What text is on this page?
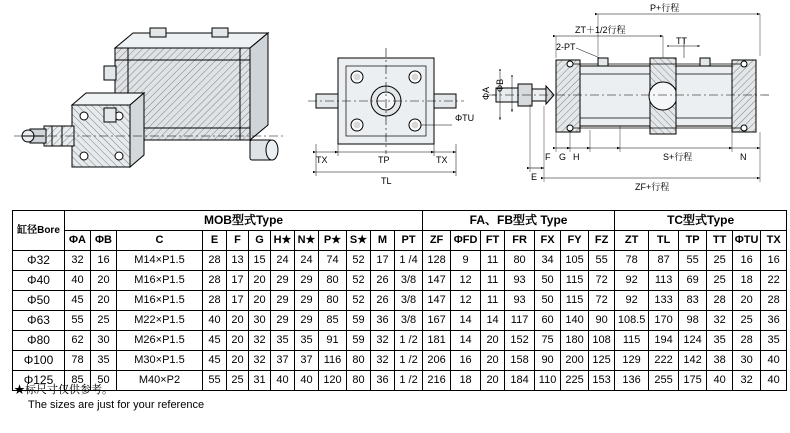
TX	TP	TX
TL
ΦTU
P+行程
ZT＋1/2行程
2-PT
TT
ΦA
ΦB
F G H	S+行程	N
E
ZF+行程
缸径Bore	MOB型式Type												FA、FB型式 Type							TC型式Type					
	ΦA	ΦB	C	E	F	G	H★	N★	P★	S★	M	PT	ZF	ΦFD	FT	FR	FX	FY	FZ	ZT	TL	TP	TT	ΦTU	TX
Φ32	32	16	M14×P1.5	28	13	15	24	24	74	52	17	1 /4	128	9	11	80	34	105	55	78	87	55	25	16	16
Φ40	40	20	M16×P1.5	28	17	20	29	29	80	52	26	3/8	147	12	11	93	50	115	72	92	113	69	25	18	22
Φ50	45	20	M16×P1.5	28	17	20	29	29	80	52	26	3/8	147	12	11	93	50	115	72	92	133	83	28	20	28
Φ63	55	25	M22×P1.5	40	20	30	29	29	85	59	36	3/8	167	14	14	117	60	140	90	108.5	170	98	32	25	36
Φ80	62	30	M26×P1.5	45	20	32	35	35	91	59	32	1 /2	181	14	20	152	75	180	108	115	194	124	35	28	35
Φ100	78	35	M30×P1.5	45	20	32	37	37	116	80	32	1 /2	206	16	20	158	90	200	125	129	222	142	38	30	40
Φ125	85	50	M40×P2	55	25	31	40	40	120	80	36	1 /2	216	18	20	184	110	225	153	136	255	175	40	32	40
★标尺寸仅供参考。
The sizes are just for your reference
